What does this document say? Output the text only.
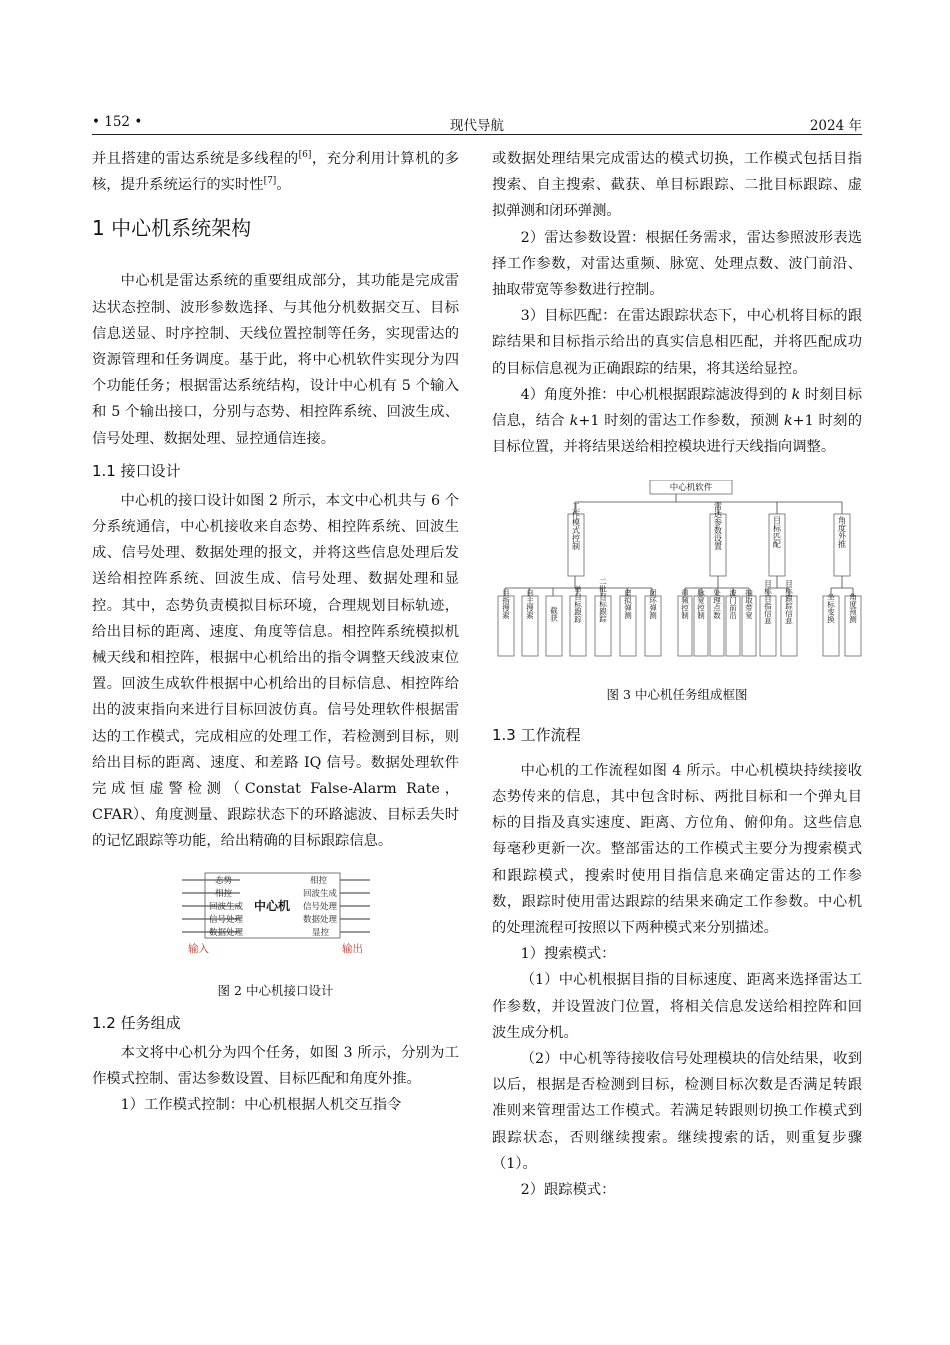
• 152 •	现代导航	2024 年

并且搭建的雷达系统是多线程的[6]，充分利用计算机的多核，提升系统运行的实时性[7]。

1 中心机系统架构

中心机是雷达系统的重要组成部分，其功能是完成雷达状态控制、波形参数选择、与其他分机数据交互、目标信息送显、时序控制、天线位置控制等任务，实现雷达的资源管理和任务调度。基于此，将中心机软件实现分为四个功能任务；根据雷达系统结构，设计中心机有 5 个输入和 5 个输出接口，分别与态势、相控阵系统、回波生成、信号处理、数据处理、显控通信连接。

1.1 接口设计

中心机的接口设计如图 2 所示，本文中心机共与 6 个分系统通信，中心机接收来自态势、相控阵系统、回波生成、信号处理、数据处理的报文，并将这些信息处理后发送给相控阵系统、回波生成、信号处理、数据处理和显控。其中，态势负责模拟目标环境，合理规划目标轨迹，给出目标的距离、速度、角度等信息。相控阵系统模拟机械天线和相控阵，根据中心机给出的指令调整天线波束位置。回波生成软件根据中心机给出的目标信息、相控阵给出的波束指向来进行目标回波仿真。信号处理软件根据雷达的工作模式，完成相应的处理工作，若检测到目标，则给出目标的距离、速度、和差路 IQ 信号。数据处理软件完成恒虚警检测（Constat False-Alarm Rate，CFAR）、角度测量、跟踪状态下的环路滤波、目标丢失时的记忆跟踪等功能，给出精确的目标跟踪信息。

态势
相控
回波生成
信号处理
数据处理
相控
回波生成
信号处理
数据处理
显控
中心机
输入	输出
图 2 中心机接口设计
1.2 任务组成

本文将中心机分为四个任务，如图 3 所示，分别为工作模式控制、雷达参数设置、目标匹配和角度外推。

1）工作模式控制：中心机根据人机交互指令

或数据处理结果完成雷达的模式切换，工作模式包括目指搜索、自主搜索、截获、单目标跟踪、二批目标跟踪、虚拟弹测和闭环弹测。

2）雷达参数设置：根据任务需求，雷达参照波形表选择工作参数，对雷达重频、脉宽、处理点数、波门前沿、抽取带宽等参数进行控制。

3）目标匹配：在雷达跟踪状态下，中心机将目标的跟踪结果和目标指示给出的真实信息相匹配，并将匹配成功的目标信息视为正确跟踪的结果，将其送给显控。

4）角度外推：中心机根据跟踪滤波得到的 k 时刻目标信息，结合 k+1 时刻的雷达工作参数，预测 k+1 时刻的目标位置，并将结果送给相控模块进行天线指向调整。

中心机软件
工作模式控制	雷达参数设置	目标匹配	角度外推
目指搜索 自主搜索 截获 单目标跟踪 二批目标跟踪 虚拟弹测 闭环弹测	重频控制 脉宽控制 处理点数 波门前沿 抽取带宽 目标目指信息 目标跟踪信息	坐标变换 角度预测
图 3 中心机任务组成框图
1.3 工作流程

中心机的工作流程如图 4 所示。中心机模块持续接收态势传来的信息，其中包含时标、两批目标和一个弹丸目标的目指及真实速度、距离、方位角、俯仰角。这些信息每毫秒更新一次。整部雷达的工作模式主要分为搜索模式和跟踪模式，搜索时使用目指信息来确定雷达的工作参数，跟踪时使用雷达跟踪的结果来确定工作参数。中心机的处理流程可按照以下两种模式来分别描述。

1）搜索模式：

（1）中心机根据目指的目标速度、距离来选择雷达工作参数，并设置波门位置，将相关信息发送给相控阵和回波生成分机。

（2）中心机等待接收信号处理模块的信处结果，收到以后，根据是否检测到目标，检测目标次数是否满足转跟准则来管理雷达工作模式。若满足转跟则切换工作模式到跟踪状态，否则继续搜索。继续搜索的话，则重复步骤（1）。

2）跟踪模式：
